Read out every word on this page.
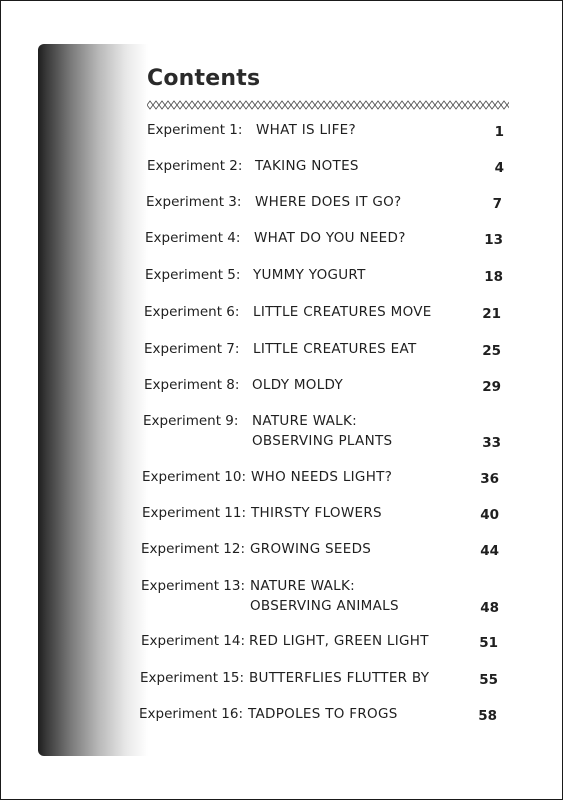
Contents
Experiment 1: WHAT IS LIFE?	1
Experiment 2: TAKING NOTES	4
Experiment 3: WHERE DOES IT GO?	7
Experiment 4: WHAT DO YOU NEED?	13
Experiment 5: YUMMY YOGURT	18
Experiment 6: LITTLE CREATURES MOVE	21
Experiment 7: LITTLE CREATURES EAT	25
Experiment 8: OLDY MOLDY	29
Experiment 9: NATURE WALK:
OBSERVING PLANTS	33
Experiment 10: WHO NEEDS LIGHT?	36
Experiment 11: THIRSTY FLOWERS	40
Experiment 12: GROWING SEEDS	44
Experiment 13: NATURE WALK:
OBSERVING ANIMALS	48
Experiment 14: RED LIGHT, GREEN LIGHT	51
Experiment 15: BUTTERFLIES FLUTTER BY	55
Experiment 16: TADPOLES TO FROGS	58
